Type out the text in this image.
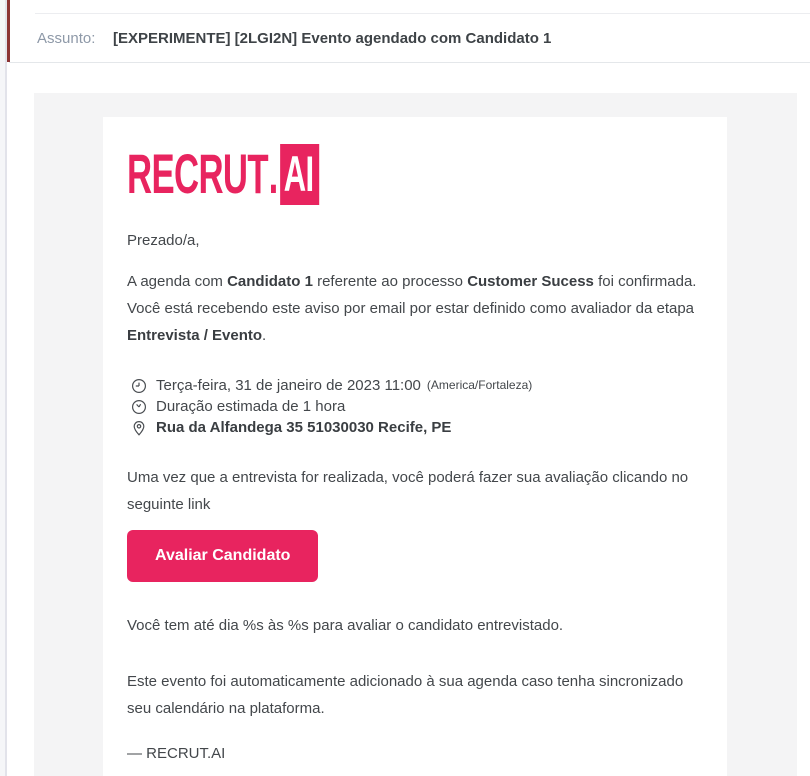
Assunto:	[EXPERIMENTE] [2LGI2N] Evento agendado com Candidato 1
RECRUT . AI

Prezado/a,

A agenda com Candidato 1 referente ao processo Customer Sucess foi confirmada. Você está recebendo este aviso por email por estar definido como avaliador da etapa Entrevista / Evento.

Terça-feira, 31 de janeiro de 2023 11:00 (America/Fortaleza)
Duração estimada de 1 hora
Rua da Alfandega 35 51030030 Recife, PE

Uma vez que a entrevista for realizada, você poderá fazer sua avaliação clicando no seguinte link

Avaliar Candidato

Você tem até dia %s às %s para avaliar o candidato entrevistado.

Este evento foi automaticamente adicionado à sua agenda caso tenha sincronizado seu calendário na plataforma.

— RECRUT.AI
